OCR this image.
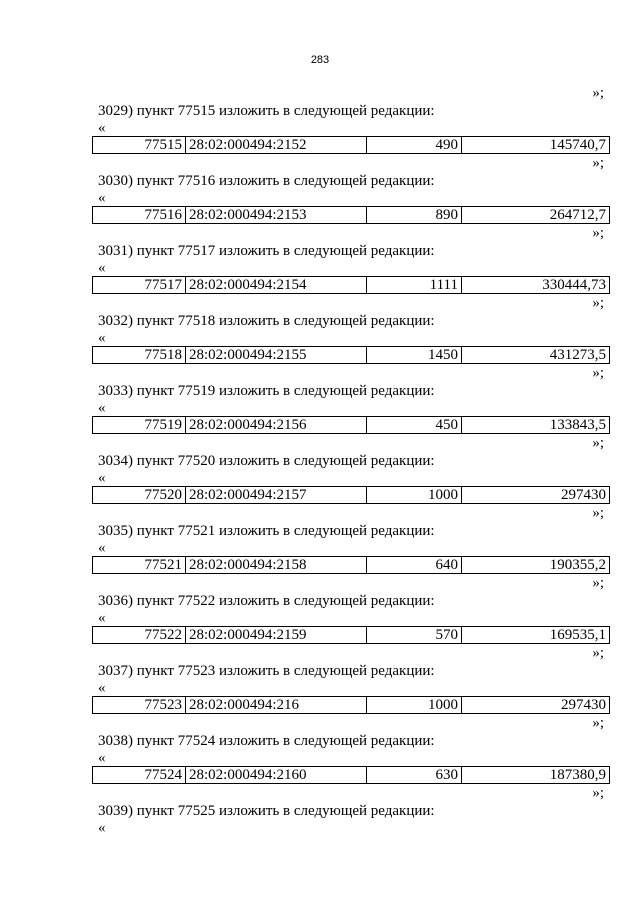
283
»;
3029) пункт 77515 изложить в следующей редакции:
«
77515	28:02:000494:2152	490	145740,7
»;
3030) пункт 77516 изложить в следующей редакции:
«
77516	28:02:000494:2153	890	264712,7
»;
3031) пункт 77517 изложить в следующей редакции:
«
77517	28:02:000494:2154	1111	330444,73
»;
3032) пункт 77518 изложить в следующей редакции:
«
77518	28:02:000494:2155	1450	431273,5
»;
3033) пункт 77519 изложить в следующей редакции:
«
77519	28:02:000494:2156	450	133843,5
»;
3034) пункт 77520 изложить в следующей редакции:
«
77520	28:02:000494:2157	1000	297430
»;
3035) пункт 77521 изложить в следующей редакции:
«
77521	28:02:000494:2158	640	190355,2
»;
3036) пункт 77522 изложить в следующей редакции:
«
77522	28:02:000494:2159	570	169535,1
»;
3037) пункт 77523 изложить в следующей редакции:
«
77523	28:02:000494:216	1000	297430
»;
3038) пункт 77524 изложить в следующей редакции:
«
77524	28:02:000494:2160	630	187380,9
»;
3039) пункт 77525 изложить в следующей редакции:
«
